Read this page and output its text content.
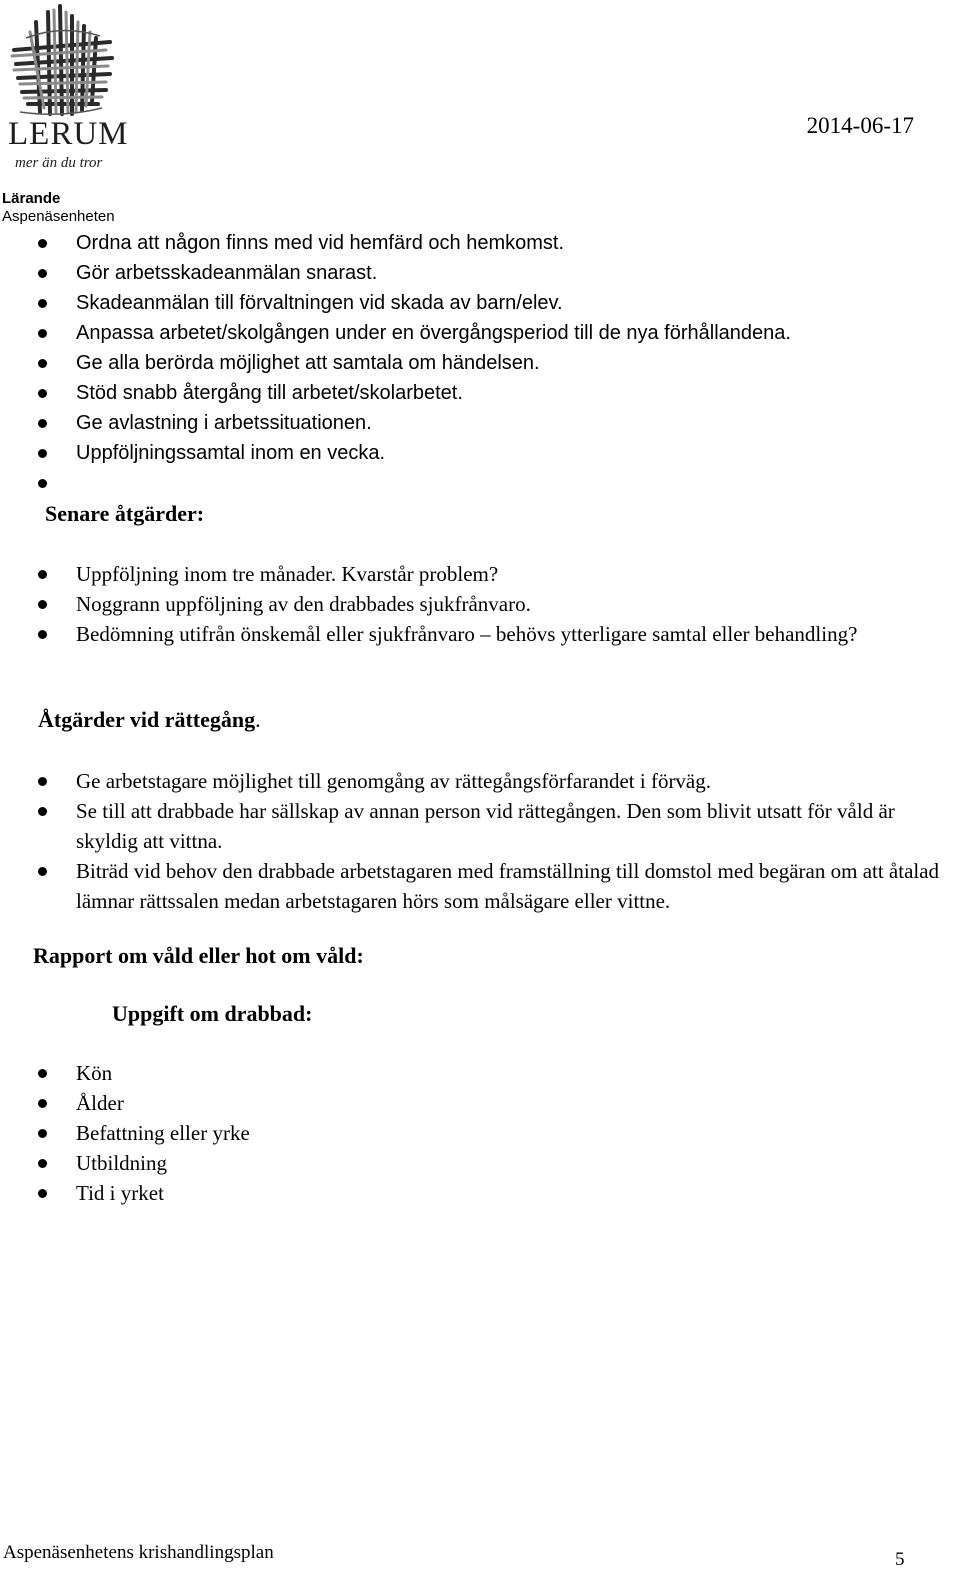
LERUM
mer än du tror
2014-06-17
Lärande
Aspenäsenheten
Ordna att någon finns med vid hemfärd och hemkomst.
Gör arbetsskadeanmälan snarast.
Skadeanmälan till förvaltningen vid skada av barn/elev.
Anpassa arbetet/skolgången under en övergångsperiod till de nya förhållandena.
Ge alla berörda möjlighet att samtala om händelsen.
Stöd snabb återgång till arbetet/skolarbetet.
Ge avlastning i arbetssituationen.
Uppföljningssamtal inom en vecka.
Senare åtgärder:
Uppföljning inom tre månader. Kvarstår problem?
Noggrann uppföljning av den drabbades sjukfrånvaro.
Bedömning utifrån önskemål eller sjukfrånvaro – behövs ytterligare samtal eller behandling?
Åtgärder vid rättegång.
Ge arbetstagare möjlighet till genomgång av rättegångsförfarandet i förväg.
Se till att drabbade har sällskap av annan person vid rättegången. Den som blivit utsatt för våld är skyldig att vittna.
Biträd vid behov den drabbade arbetstagaren med framställning till domstol med begäran om att åtalad lämnar rättssalen medan arbetstagaren hörs som målsägare eller vittne.
Rapport om våld eller hot om våld:
Uppgift om drabbad:
Kön
Ålder
Befattning eller yrke
Utbildning
Tid i yrket
Aspenäsenhetens krishandlingsplan	5
